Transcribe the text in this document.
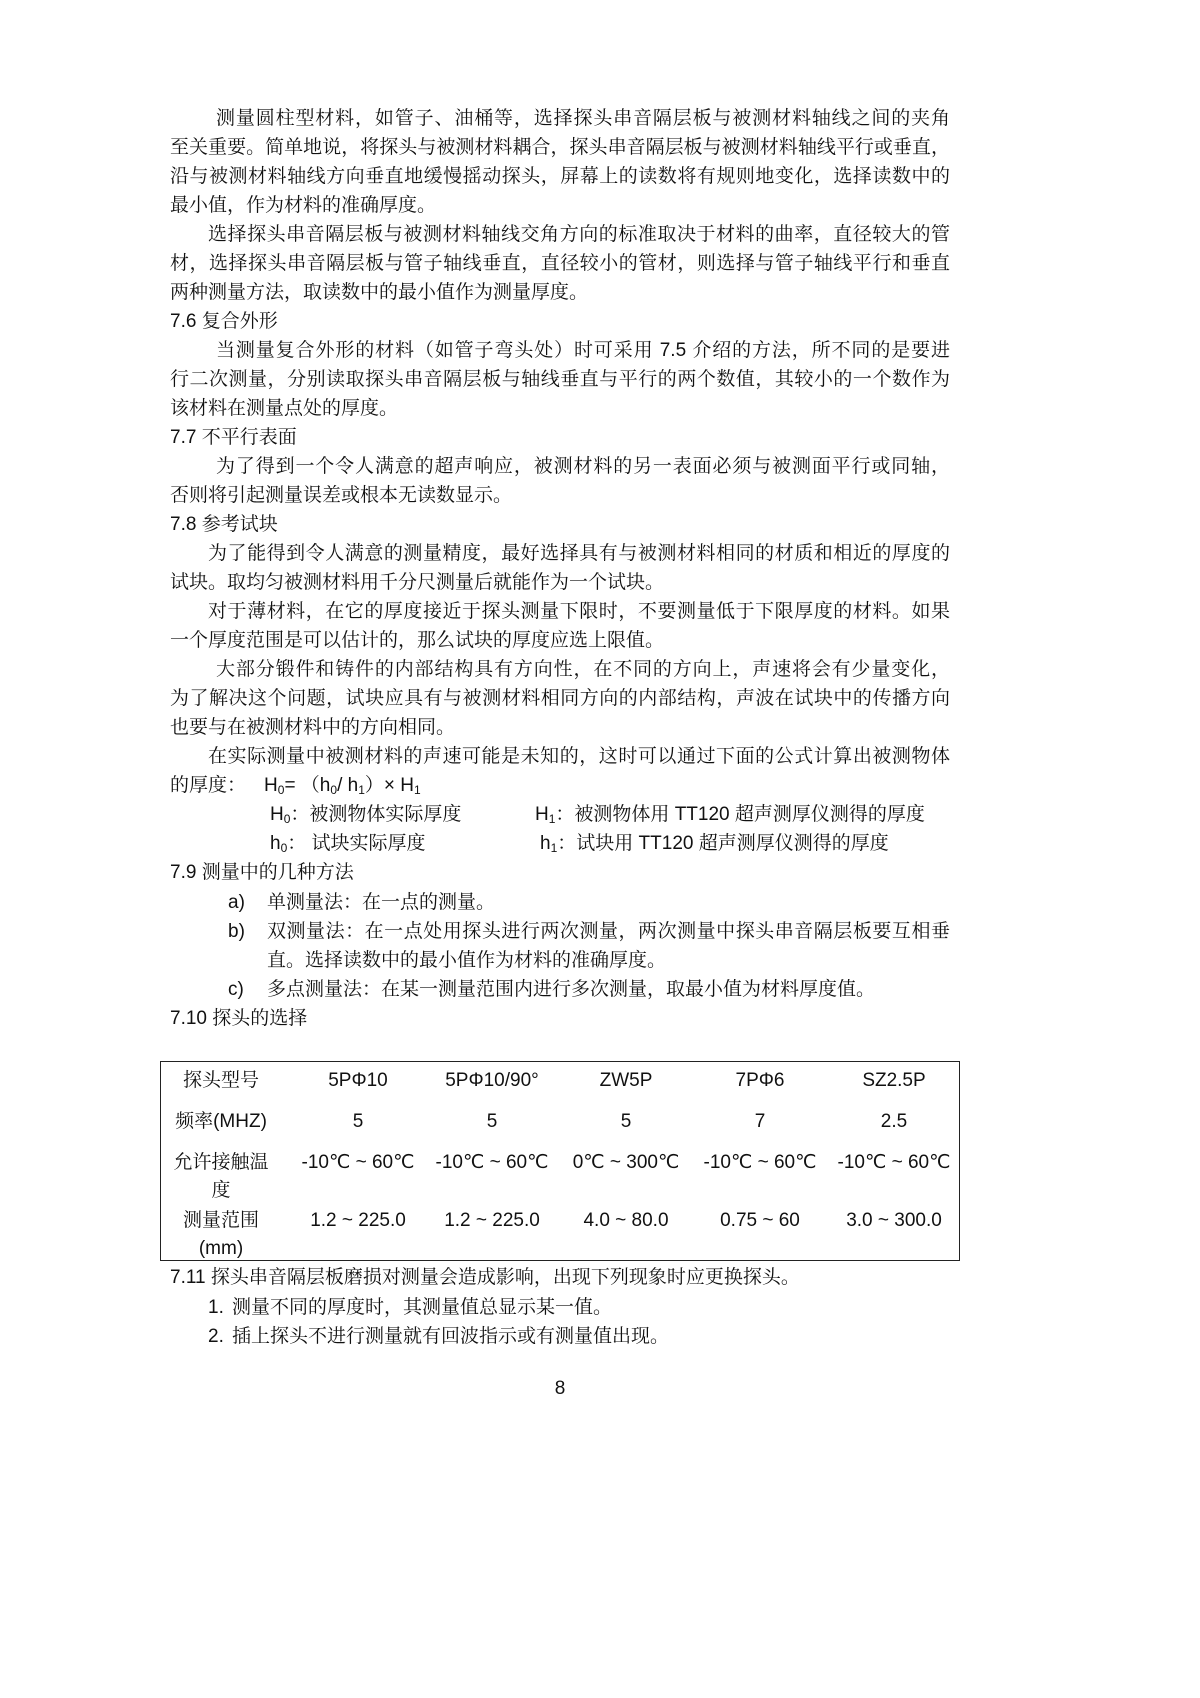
测量圆柱型材料，如管子、油桶等，选择探头串音隔层板与被测材料轴线之间的夹角
至关重要。简单地说，将探头与被测材料耦合，探头串音隔层板与被测材料轴线平行或垂直，
沿与被测材料轴线方向垂直地缓慢摇动探头，屏幕上的读数将有规则地变化，选择读数中的
最小值，作为材料的准确厚度。
选择探头串音隔层板与被测材料轴线交角方向的标准取决于材料的曲率，直径较大的管
材，选择探头串音隔层板与管子轴线垂直，直径较小的管材，则选择与管子轴线平行和垂直
两种测量方法，取读数中的最小值作为测量厚度。
7.6 复合外形
当测量复合外形的材料（如管子弯头处）时可采用 7.5 介绍的方法，所不同的是要进
行二次测量，分别读取探头串音隔层板与轴线垂直与平行的两个数值，其较小的一个数作为
该材料在测量点处的厚度。
7.7 不平行表面
为了得到一个令人满意的超声响应，被测材料的另一表面必须与被测面平行或同轴，
否则将引起测量误差或根本无读数显示。
7.8 参考试块
为了能得到令人满意的测量精度，最好选择具有与被测材料相同的材质和相近的厚度的
试块。取均匀被测材料用千分尺测量后就能作为一个试块。
对于薄材料，在它的厚度接近于探头测量下限时，不要测量低于下限厚度的材料。如果
一个厚度范围是可以估计的，那么试块的厚度应选上限值。
大部分锻件和铸件的内部结构具有方向性，在不同的方向上，声速将会有少量变化，
为了解决这个问题，试块应具有与被测材料相同方向的内部结构，声波在试块中的传播方向
也要与在被测材料中的方向相同。
在实际测量中被测材料的声速可能是未知的，这时可以通过下面的公式计算出被测物体
的厚度： $H_0= (h_0/$ $h_1)\times H_1$
$H_0$：被测物体实际厚度	$H_1$：被测物体用 TT120 超声测厚仪测得的厚度
$h_0$： 试块实际厚度	$h_1$：试块用 TT120 超声测厚仪测得的厚度
7.9 测量中的几种方法
a)	单测量法：在一点的测量。
b)	双测量法：在一点处用探头进行两次测量，两次测量中探头串音隔层板要互相垂
直。选择读数中的最小值作为材料的准确厚度。
c)	多点测量法：在某一测量范围内进行多次测量，取最小值为材料厚度值。
7.10 探头的选择
7.11 探头串音隔层板磨损对测量会造成影响，出现下列现象时应更换探头。
1. 测量不同的厚度时，其测量值总显示某一值。
2. 插上探头不进行测量就有回波指示或有测量值出现。
探头型号	5PΦ10	5PΦ10/90°	ZW5P	7PΦ6	SZ2.5P
频率(MHZ)	5	5	5	7	2.5
允许接触温
度
-10℃ ~ 60℃	-10℃ ~ 60℃	0℃ ~ 300℃	-10℃ ~ 60℃	-10℃ ~ 60℃
测量范围
(mm)
1.2 ~ 225.0	1.2 ~ 225.0	4.0 ~ 80.0	0.75 ~ 60	3.0 ~ 300.0
8
